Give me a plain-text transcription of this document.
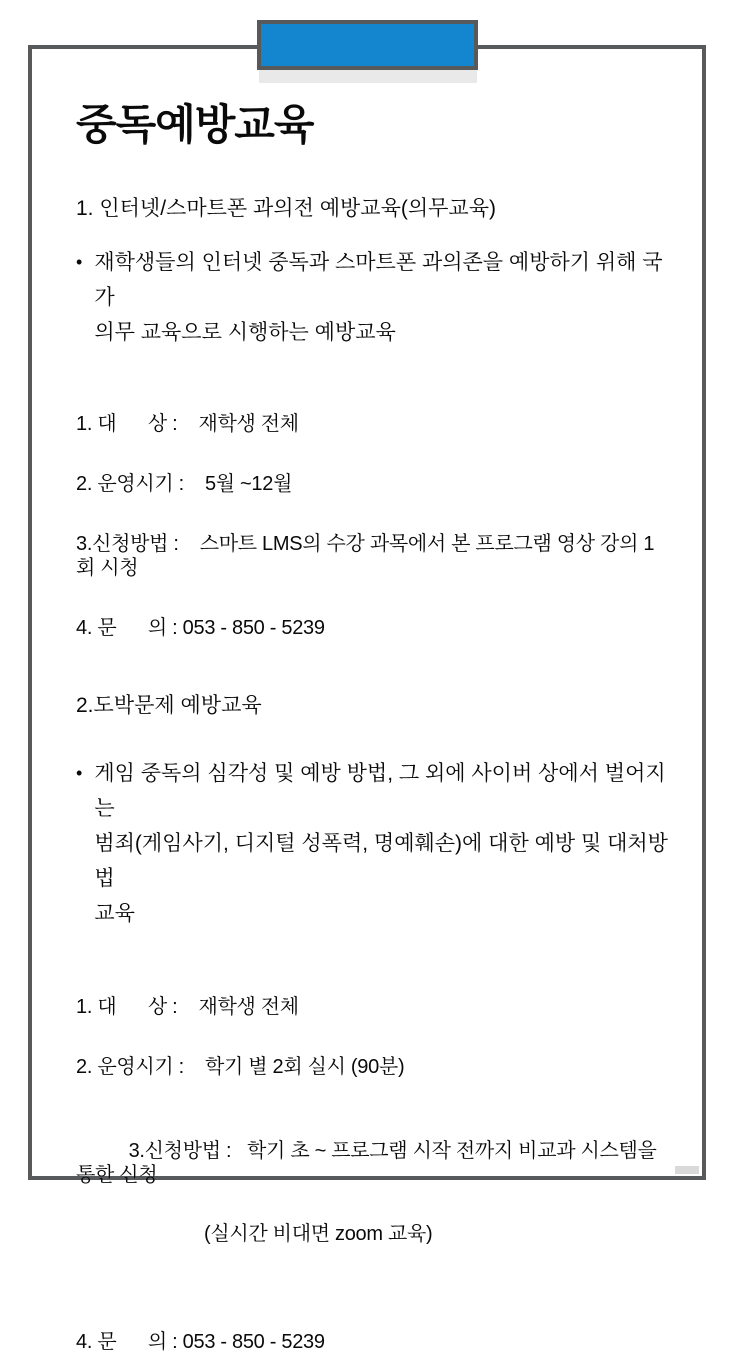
중독예방교육
1. 인터넷/스마트폰 과의전 예방교육(의무교육)
• 재학생들의 인터넷 중독과 스마트폰 과의존을 예방하기 위해 국가
의무 교육으로 시행하는 예방교육
1. 대      상 :    재학생 전체
2. 운영시기 :    5월 ~12월
3.신청방법 :    스마트 LMS의 수강 과목에서 본 프로그램 영상 강의 1회 시청
4. 문      의 : 053 - 850 - 5239
2.도박문제 예방교육
• 게임 중독의 심각성 및 예방 방법, 그 외에 사이버 상에서 벌어지는
범죄(게임사기, 디지털 성폭력, 명예훼손)에 대한 예방 및 대처방법
교육
1. 대      상 :    재학생 전체
2. 운영시기 :    학기 별 2회 실시 (90분)

3.신청방법 :   학기 초 ~ 프로그램 시작 전까지 비교과 시스템을 통한 신청

(실시간 비대면 zoom 교육)

4. 문      의 : 053 - 850 - 5239
